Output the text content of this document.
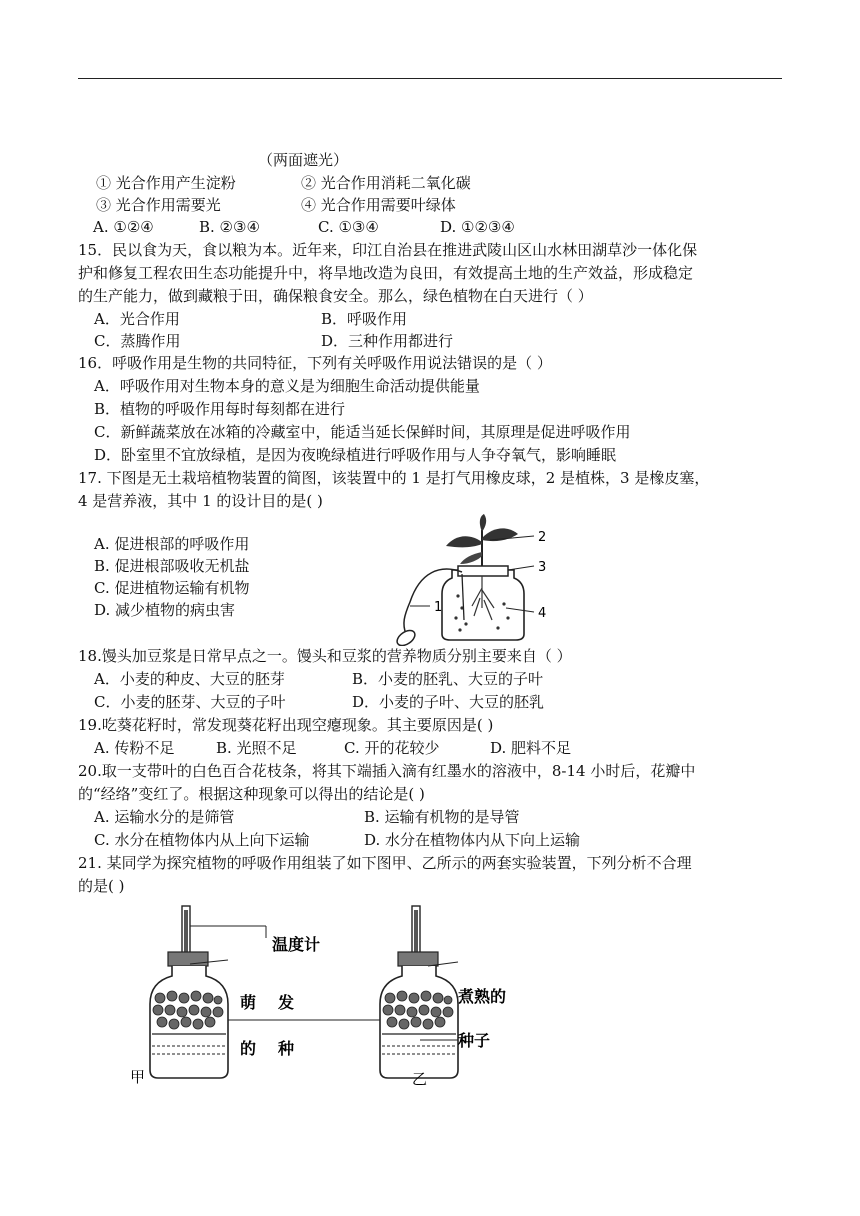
（两面遮光）
① 光合作用产生淀粉	② 光合作用消耗二氧化碳
③ 光合作用需要光	④ 光合作用需要叶绿体
A. ①②④	B. ②③④	C. ①③④	D. ①②③④
15．民以食为天，食以粮为本。近年来，印江自治县在推进武陵山区山水林田湖草沙一体化保
护和修复工程农田生态功能提升中，将旱地改造为良田，有效提高土地的生产效益，形成稳定
的生产能力，做到藏粮于田，确保粮食安全。那么，绿色植物在白天进行（ ）
A．光合作用	B．呼吸作用
C．蒸腾作用	D．三种作用都进行
16．呼吸作用是生物的共同特征，下列有关呼吸作用说法错误的是（ ）
A．呼吸作用对生物本身的意义是为细胞生命活动提供能量
B．植物的呼吸作用每时每刻都在进行
C．新鲜蔬菜放在冰箱的冷藏室中，能适当延长保鲜时间，其原理是促进呼吸作用
D．卧室里不宜放绿植，是因为夜晚绿植进行呼吸作用与人争夺氧气，影响睡眠
17. 下图是无土栽培植物装置的简图，该装置中的 1 是打气用橡皮球，2 是植株，3 是橡皮塞，
4 是营养液，其中 1 的设计目的是( )
A. 促进根部的呼吸作用
B. 促进根部吸收无机盐
C. 促进植物运输有机物
D. 减少植物的病虫害	1
2
3
4
18.馒头加豆浆是日常早点之一。馒头和豆浆的营养物质分别主要来自（ ）
A．小麦的种皮、大豆的胚芽	B．小麦的胚乳、大豆的子叶
C．小麦的胚芽、大豆的子叶	D．小麦的子叶、大豆的胚乳
19.吃葵花籽时，常发现葵花籽出现空瘪现象。其主要原因是( )
A. 传粉不足	B. 光照不足	C. 开的花较少	D. 肥料不足
20.取一支带叶的白色百合花枝条，将其下端插入滴有红墨水的溶液中，8-14 小时后，花瓣中
的“经络”变红了。根据这种现象可以得出的结论是( )
A. 运输水分的是筛管	B. 运输有机物的是导管
C. 水分在植物体内从上向下运输	D. 水分在植物体内从下向上运输
21. 某同学为探究植物的呼吸作用组装了如下图甲、乙所示的两套实验装置，下列分析不合理
的是( )
温度计
萌 发
的 种
煮熟的
种子
甲	乙
